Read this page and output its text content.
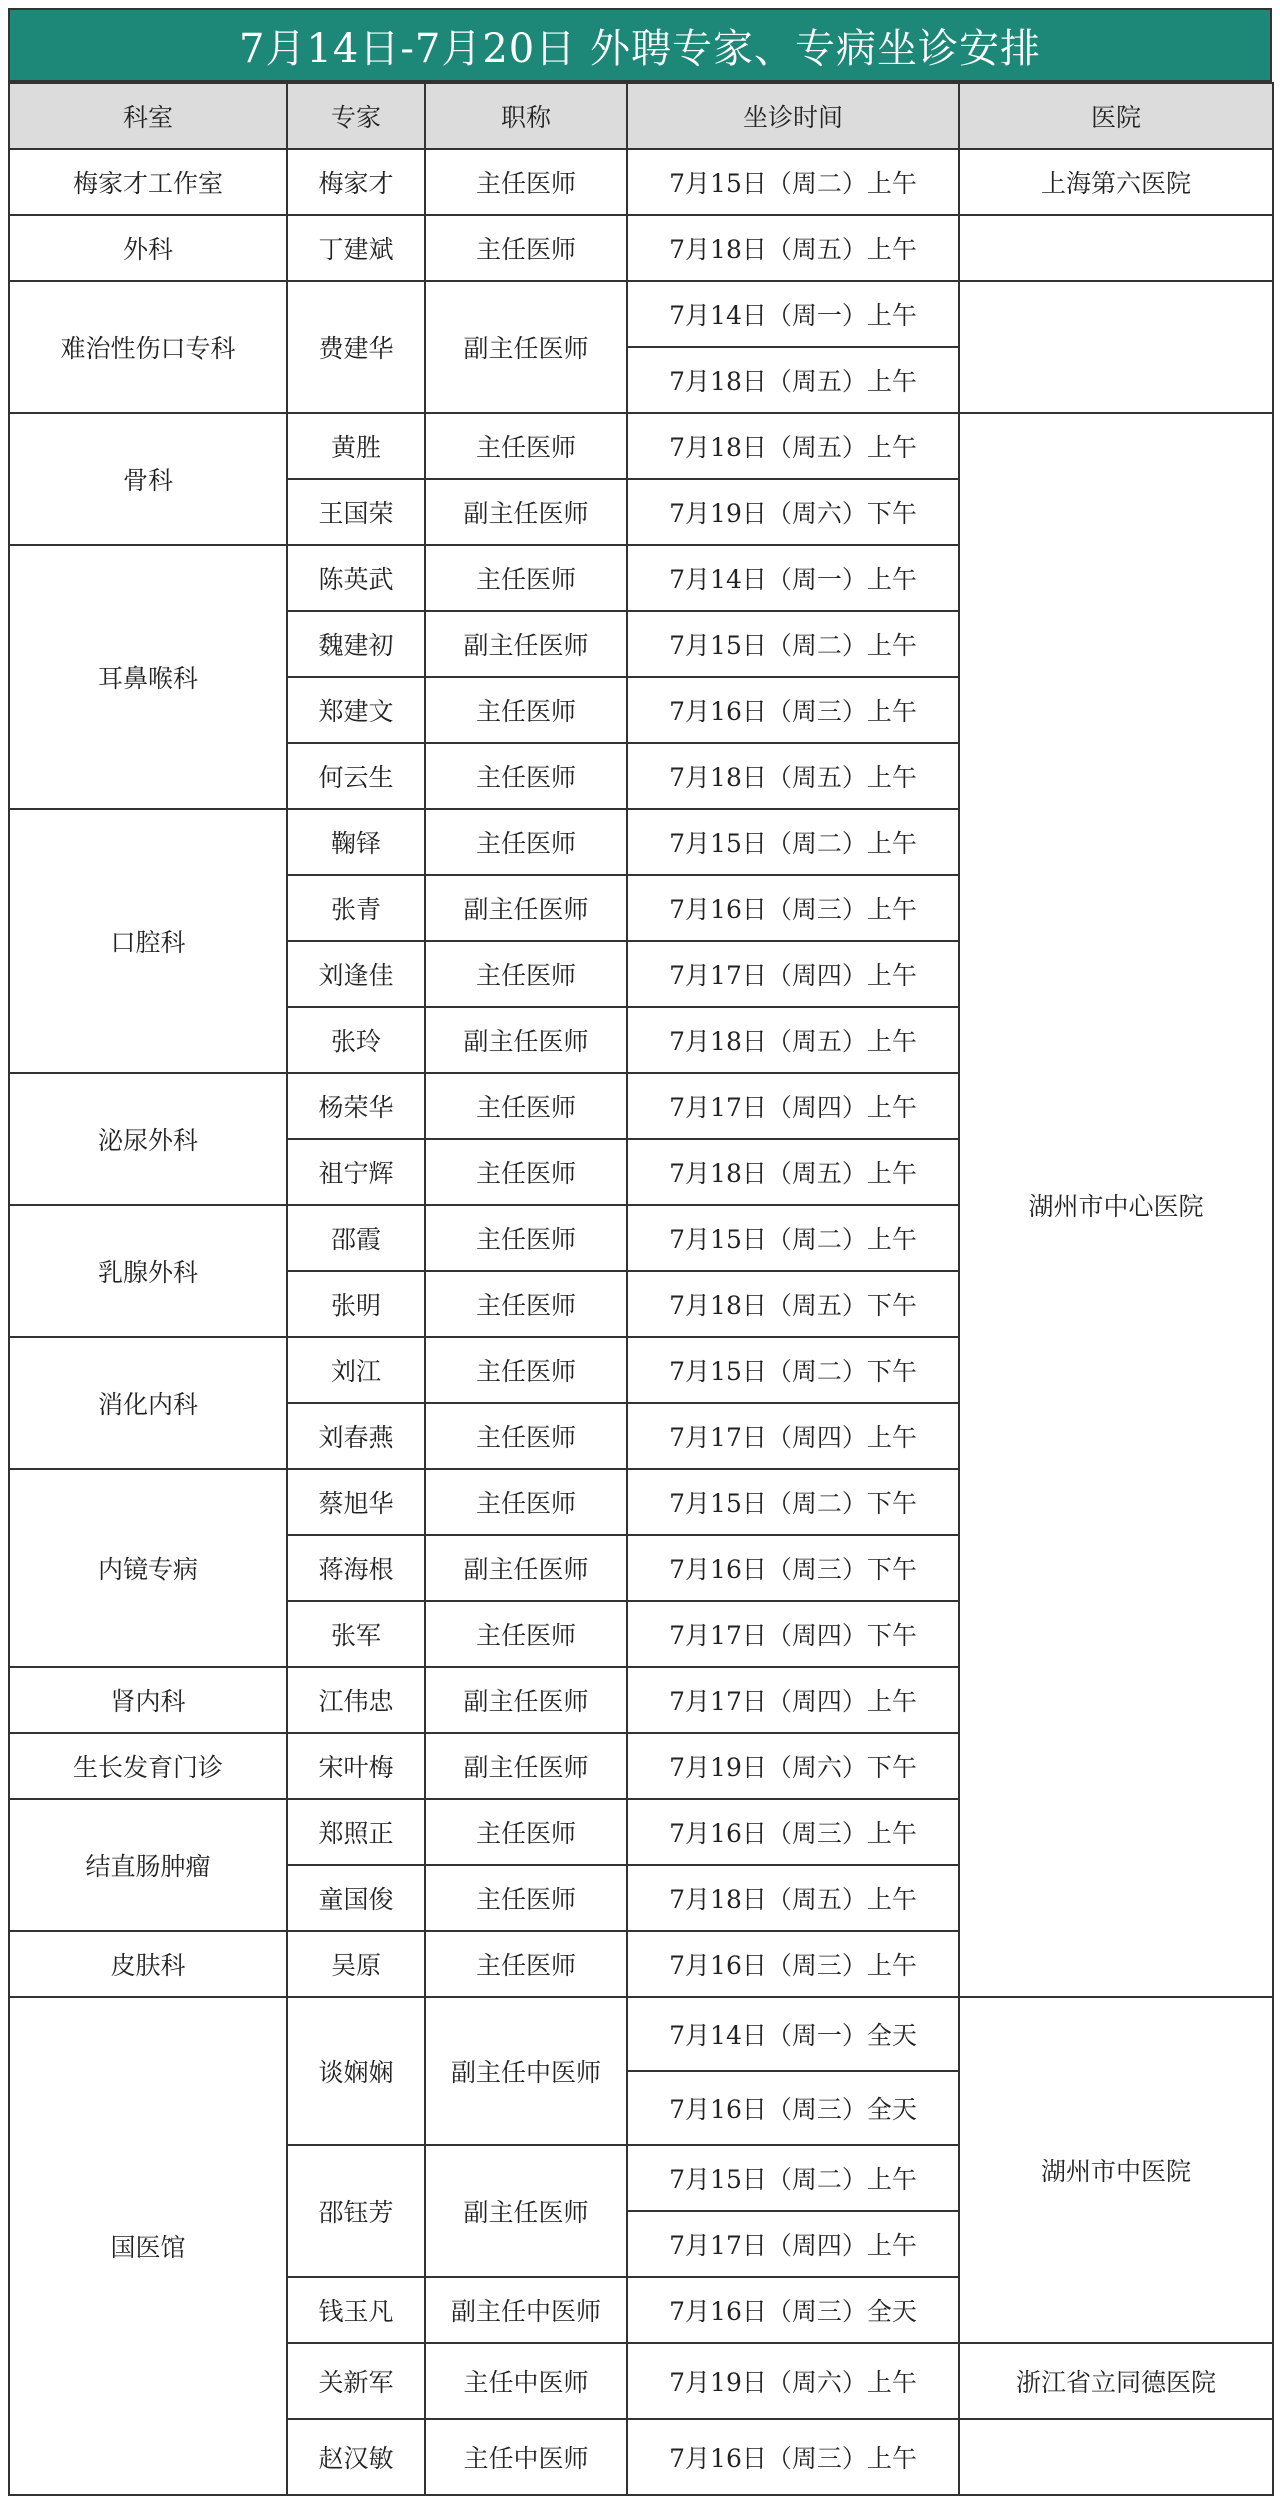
7月14日-7月20日 外聘专家、专病坐诊安排
科室	专家	职称	坐诊时间	医院
梅家才工作室	梅家才	主任医师	7月15日（周二）上午	上海第六医院
外科	丁建斌	主任医师	7月18日（周五）上午	
难治性伤口专科	费建华	副主任医师	7月14日（周一）上午	
			7月18日（周五）上午	
骨科	黄胜	主任医师	7月18日（周五）上午	湖州市中心医院
	王国荣	副主任医师	7月19日（周六）下午	
耳鼻喉科	陈英武	主任医师	7月14日（周一）上午	
	魏建初	副主任医师	7月15日（周二）上午	
	郑建文	主任医师	7月16日（周三）上午	
	何云生	主任医师	7月18日（周五）上午	
口腔科	鞠铎	主任医师	7月15日（周二）上午	
	张青	副主任医师	7月16日（周三）上午	
	刘逢佳	主任医师	7月17日（周四）上午	
	张玲	副主任医师	7月18日（周五）上午	
泌尿外科	杨荣华	主任医师	7月17日（周四）上午	
	祖宁辉	主任医师	7月18日（周五）上午	
乳腺外科	邵霞	主任医师	7月15日（周二）上午	
	张明	主任医师	7月18日（周五）下午	
消化内科	刘江	主任医师	7月15日（周二）下午	
	刘春燕	主任医师	7月17日（周四）上午	
内镜专病	蔡旭华	主任医师	7月15日（周二）下午	
	蒋海根	副主任医师	7月16日（周三）下午	
	张军	主任医师	7月17日（周四）下午	
肾内科	江伟忠	副主任医师	7月17日（周四）上午	
生长发育门诊	宋叶梅	副主任医师	7月19日（周六）下午	
结直肠肿瘤	郑照正	主任医师	7月16日（周三）上午	
	童国俊	主任医师	7月18日（周五）上午	
皮肤科	吴原	主任医师	7月16日（周三）上午	
国医馆	谈娴娴	副主任中医师	7月14日（周一）全天	湖州市中医院
			7月16日（周三）全天	
	邵钰芳	副主任医师	7月15日（周二）上午	
			7月17日（周四）上午	
	钱玉凡	副主任中医师	7月16日（周三）全天	
	关新军	主任中医师	7月19日（周六）上午	浙江省立同德医院
	赵汉敏	主任中医师	7月16日（周三）上午	
